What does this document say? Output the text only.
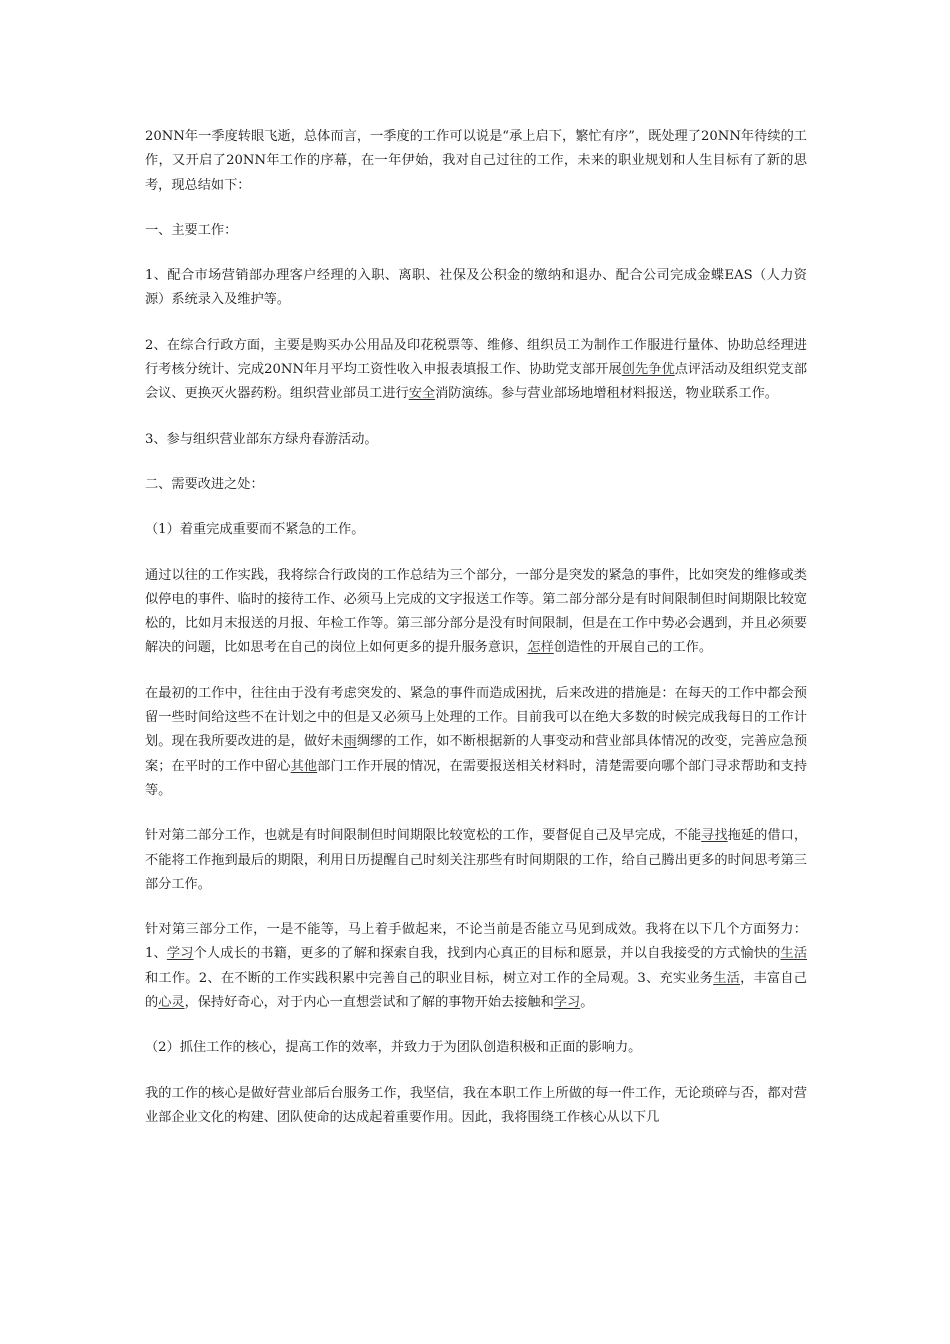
20NN年一季度转眼飞逝，总体而言，一季度的工作可以说是“承上启下，繁忙有序”，既处理了20NN年待续的工作，又开启了20NN年工作的序幕，在一年伊始，我对自己过往的工作，未来的职业规划和人生目标有了新的思考，现总结如下：

一、主要工作：

1、配合市场营销部办理客户经理的入职、离职、社保及公积金的缴纳和退办、配合公司完成金蝶EAS（人力资源）系统录入及维护等。

2、在综合行政方面，主要是购买办公用品及印花税票等、维修、组织员工为制作工作服进行量体、协助总经理进行考核分统计、完成20NN年月平均工资性收入申报表填报工作、协助党支部开展创先争优点评活动及组织党支部会议、更换灭火器药粉。组织营业部员工进行安全消防演练。参与营业部场地增租材料报送，物业联系工作。

3、参与组织营业部东方绿舟春游活动。

二、需要改进之处：

（1）着重完成重要而不紧急的工作。

通过以往的工作实践，我将综合行政岗的工作总结为三个部分，一部分是突发的紧急的事件，比如突发的维修或类似停电的事件、临时的接待工作、必须马上完成的文字报送工作等。第二部分部分是有时间限制但时间期限比较宽松的，比如月末报送的月报、年检工作等。第三部分部分是没有时间限制，但是在工作中势必会遇到，并且必须要解决的问题，比如思考在自己的岗位上如何更多的提升服务意识，怎样创造性的开展自己的工作。

在最初的工作中，往往由于没有考虑突发的、紧急的事件而造成困扰，后来改进的措施是：在每天的工作中都会预留一些时间给这些不在计划之中的但是又必须马上处理的工作。目前我可以在绝大多数的时候完成我每日的工作计划。现在我所要改进的是，做好未雨绸缪的工作，如不断根据新的人事变动和营业部具体情况的改变，完善应急预案；在平时的工作中留心其他部门工作开展的情况，在需要报送相关材料时，清楚需要向哪个部门寻求帮助和支持等。

针对第二部分工作，也就是有时间限制但时间期限比较宽松的工作，要督促自己及早完成，不能寻找拖延的借口，不能将工作拖到最后的期限，利用日历提醒自己时刻关注那些有时间期限的工作，给自己腾出更多的时间思考第三部分工作。

针对第三部分工作，一是不能等，马上着手做起来，不论当前是否能立马见到成效。我将在以下几个方面努力：1、学习个人成长的书籍，更多的了解和探索自我，找到内心真正的目标和愿景，并以自我接受的方式愉快的生活和工作。2、在不断的工作实践积累中完善自己的职业目标，树立对工作的全局观。3、充实业务生活，丰富自己的心灵，保持好奇心，对于内心一直想尝试和了解的事物开始去接触和学习。

（2）抓住工作的核心，提高工作的效率，并致力于为团队创造积极和正面的影响力。

我的工作的核心是做好营业部后台服务工作，我坚信，我在本职工作上所做的每一件工作，无论琐碎与否，都对营业部企业文化的构建、团队使命的达成起着重要作用。因此，我将围绕工作核心从以下几
